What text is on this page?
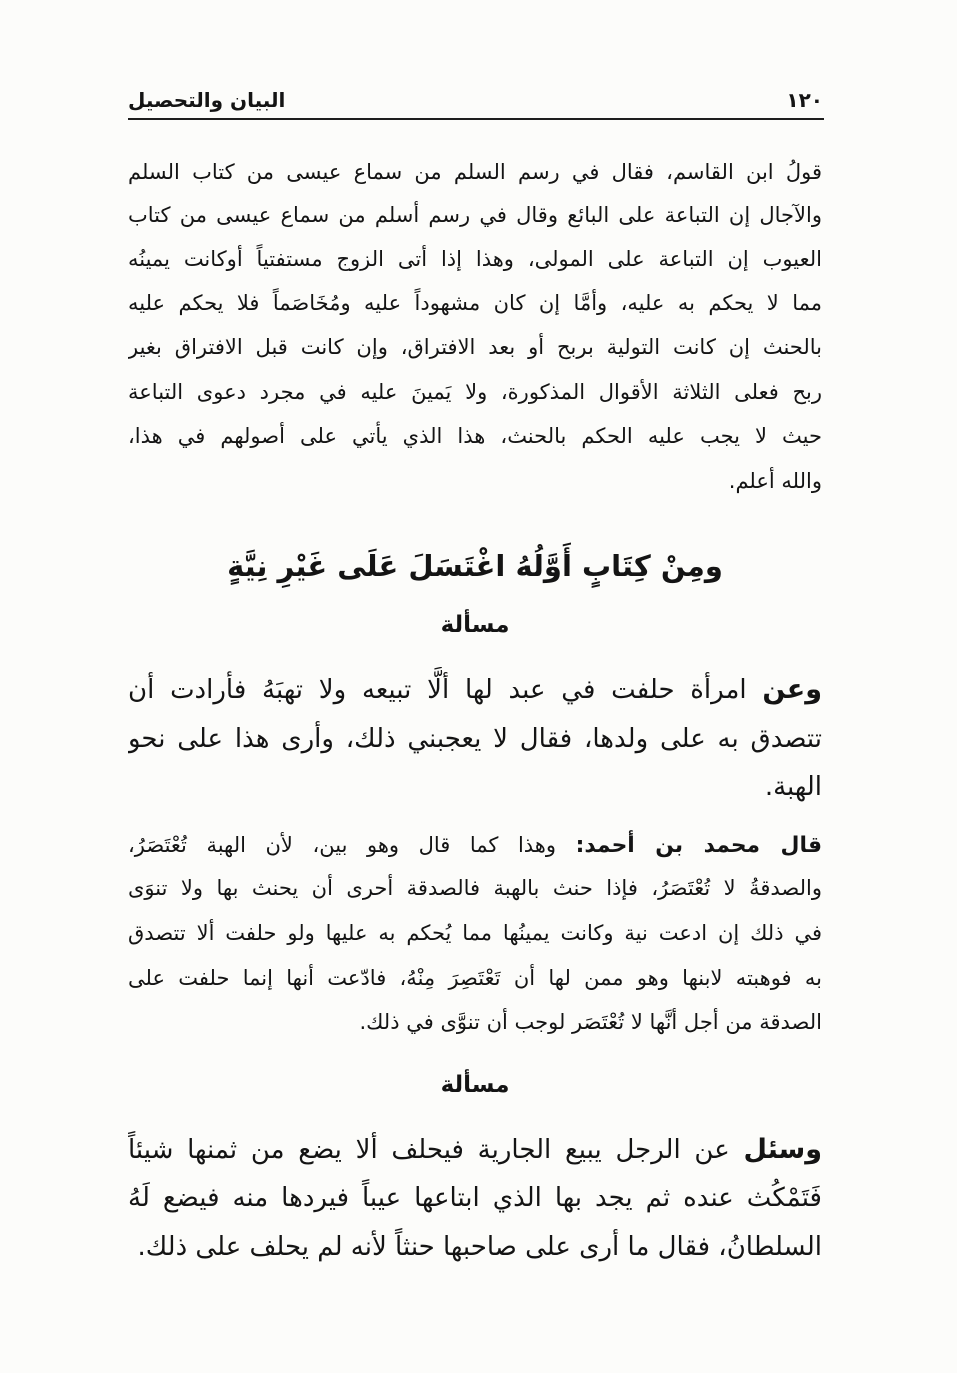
١٢٠
البيان والتحصيل
قولُ ابن القاسم، فقال في رسم السلم من سماع عيسى من كتاب السلم
والآجال إن التباعة على البائع وقال في رسم أسلم من سماع عيسى من كتاب
العيوب إن التباعة على المولى، وهذا إذا أتى الزوج مستفتياً أوكانت يمينُه
مما لا يحكم به عليه، وأمَّا إن كان مشهوداً عليه ومُخَاصَماً فلا يحكم عليه
بالحنث إن كانت التولية بربح أو بعد الافتراق، وإن كانت قبل الافتراق بغير
ربح فعلى الثلاثة الأقوال المذكورة، ولا يَمينَ عليه في مجرد دعوى التباعة
حيث لا يجب عليه الحكم بالحنث، هذا الذي يأتي على أصولهم في هذا،
والله أعلم.
ومِنْ كِتَابٍ أَوَّلُهُ اغْتَسَلَ عَلَى غَيْرِ نِيَّةٍ
مسألة
وعن امرأة حلفت في عبد لها ألَّا تبيعه ولا تهبَهُ فأرادت أن
تتصدق به على ولدها، فقال لا يعجبني ذلك، وأرى هذا على نحو
الهبة.
قال محمد بن أحمد: وهذا كما قال وهو بين، لأن الهبة تُعْتَصَرُ،
والصدقةُ لا تُعْتَصَرُ، فإذا حنث بالهبة فالصدقة أحرى أن يحنث بها ولا تنوَى
في ذلك إن ادعت نية وكانت يمينُها مما يُحكم به عليها ولو حلفت ألا تتصدق
به فوهبته لابنها وهو ممن لها أن تَعْتَصِرَ مِنْهُ، فادّعت أنها إنما حلفت على
الصدقة من أجل أنَّها لا تُعْتَصَر لوجب أن تنوَّى في ذلك.
مسألة
وسئل عن الرجل يبيع الجارية فيحلف ألا يضع من ثمنها شيئاً
فَتَمْكُث عنده ثم يجد بها الذي ابتاعها عيباً فيردها منه فيضع لَهُ
السلطانُ، فقال ما أرى على صاحبها حنثاً لأنه لم يحلف على ذلك.
